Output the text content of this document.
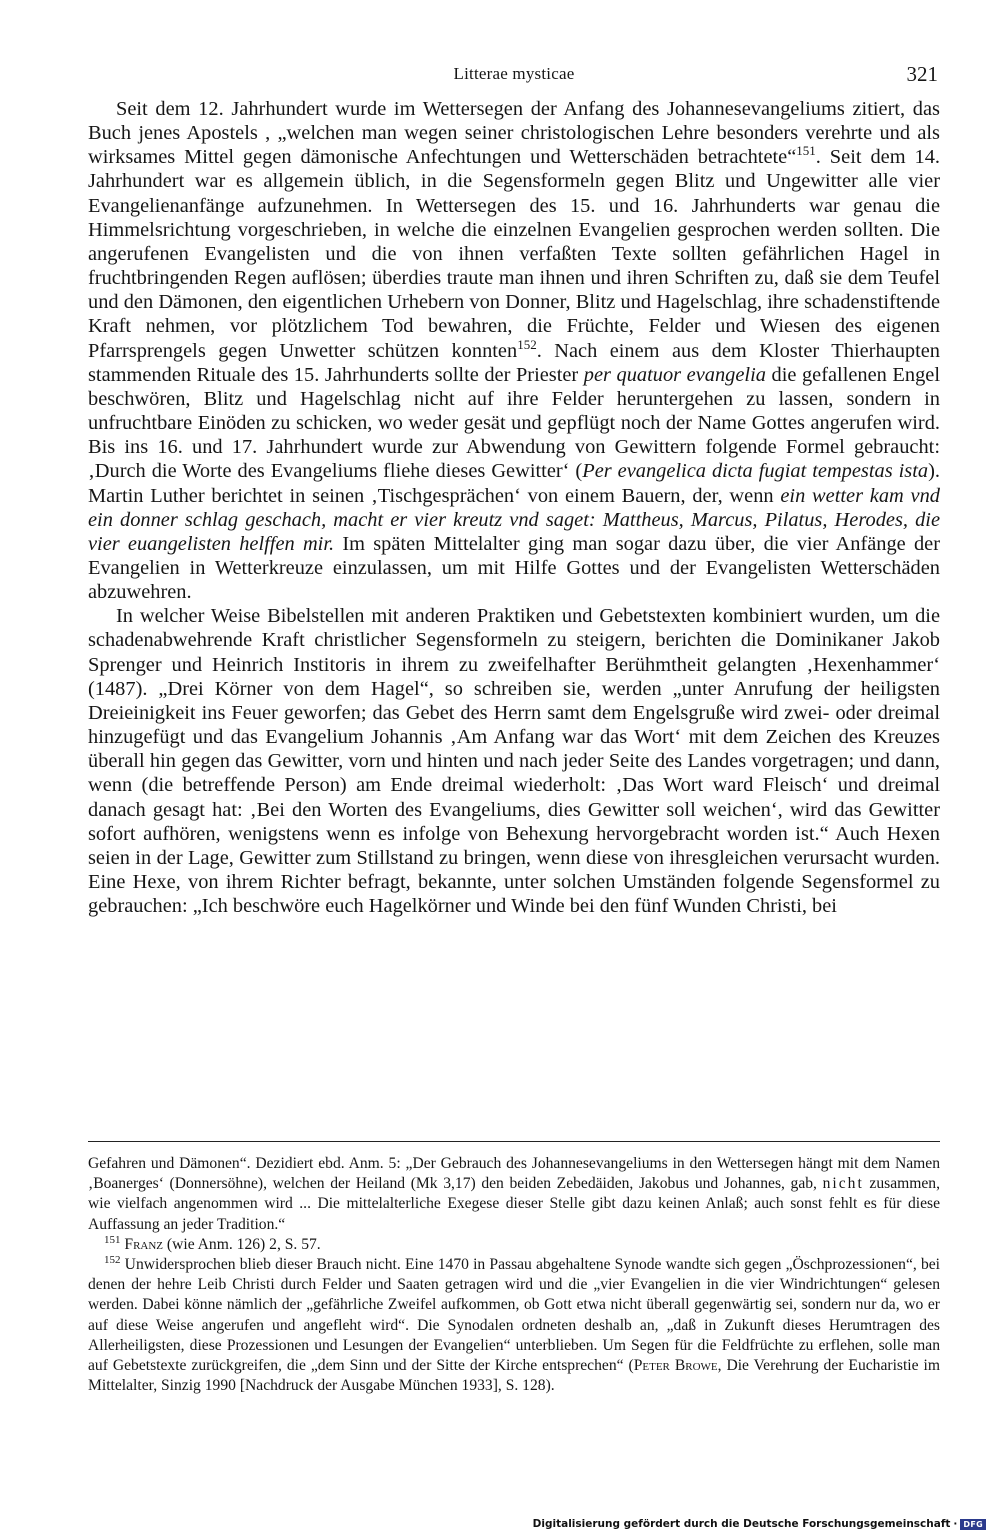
Litterae mysticae	321

Seit dem 12. Jahrhundert wurde im Wettersegen der Anfang des Johannesevangeliums zitiert, das Buch jenes Apostels , „welchen man wegen seiner christologischen Lehre besonders verehrte und als wirksames Mittel gegen dämonische Anfechtungen und Wetterschäden betrachtete“$^{151}$. Seit dem 14. Jahrhundert war es allgemein üblich, in die Segensformeln gegen Blitz und Ungewitter alle vier Evangelienanfänge aufzunehmen. In Wettersegen des 15. und 16. Jahrhunderts war genau die Himmelsrichtung vorgeschrieben, in welche die einzelnen Evangelien gesprochen werden sollten. Die angerufenen Evangelisten und die von ihnen verfaßten Texte sollten gefährlichen Hagel in fruchtbringenden Regen auflösen; überdies traute man ihnen und ihren Schriften zu, daß sie dem Teufel und den Dämonen, den eigentlichen Urhebern von Donner, Blitz und Hagelschlag, ihre schadenstiftende Kraft nehmen, vor plötzlichem Tod bewahren, die Früchte, Felder und Wiesen des eigenen Pfarrsprengels gegen Unwetter schützen konnten$^{152}$. Nach einem aus dem Kloster Thierhaupten stammenden Rituale des 15. Jahrhunderts sollte der Priester per quatuor evangelia die gefallenen Engel beschwören, Blitz und Hagelschlag nicht auf ihre Felder heruntergehen zu lassen, sondern in unfruchtbare Einöden zu schicken, wo weder gesät und gepflügt noch der Name Gottes angerufen wird. Bis ins 16. und 17. Jahrhundert wurde zur Abwendung von Gewittern folgende Formel gebraucht: ‚Durch die Worte des Evangeliums fliehe dieses Gewitter‘ (Per evangelica dicta fugiat tempestas ista). Martin Luther berichtet in seinen ‚Tischgesprächen‘ von einem Bauern, der, wenn ein wetter kam vnd ein donner schlag geschach, macht er vier kreutz vnd saget: Mattheus, Marcus, Pilatus, Herodes, die vier euangelisten helffen mir. Im späten Mittelalter ging man sogar dazu über, die vier Anfänge der Evangelien in Wetterkreuze einzulassen, um mit Hilfe Gottes und der Evangelisten Wetterschäden abzuwehren.

In welcher Weise Bibelstellen mit anderen Praktiken und Gebetstexten kombiniert wurden, um die schadenabwehrende Kraft christlicher Segensformeln zu steigern, berichten die Dominikaner Jakob Sprenger und Heinrich Institoris in ihrem zu zweifelhafter Berühmtheit gelangten ‚Hexenhammer‘ (1487). „Drei Körner von dem Hagel“, so schreiben sie, werden „unter Anrufung der heiligsten Dreieinigkeit ins Feuer geworfen; das Gebet des Herrn samt dem Engelsgruße wird zwei- oder dreimal hinzugefügt und das Evangelium Johannis ‚Am Anfang war das Wort‘ mit dem Zeichen des Kreuzes überall hin gegen das Gewitter, vorn und hinten und nach jeder Seite des Landes vorgetragen; und dann, wenn (die betreffende Person) am Ende dreimal wiederholt: ‚Das Wort ward Fleisch‘ und dreimal danach gesagt hat: ‚Bei den Worten des Evangeliums, dies Gewitter soll weichen‘, wird das Gewitter sofort aufhören, wenigstens wenn es infolge von Behexung hervorgebracht worden ist.“ Auch Hexen seien in der Lage, Gewitter zum Stillstand zu bringen, wenn diese von ihresgleichen verursacht wurden. Eine Hexe, von ihrem Richter befragt, bekannte, unter solchen Umständen folgende Segensformel zu gebrauchen: „Ich beschwöre euch Hagelkörner und Winde bei den fünf Wunden Christi, bei

Gefahren und Dämonen“. Dezidiert ebd. Anm. 5: „Der Gebrauch des Johannesevangeliums in den Wettersegen hängt mit dem Namen ‚Boanerges‘ (Donnersöhne), welchen der Heiland (Mk 3,17) den beiden Zebedäiden, Jakobus und Johannes, gab, nicht zusammen, wie vielfach angenommen wird ... Die mittelalterliche Exegese dieser Stelle gibt dazu keinen Anlaß; auch sonst fehlt es für diese Auffassung an jeder Tradition.“

$^{151}$ Franz (wie Anm. 126) 2, S. 57.

$^{152}$ Unwidersprochen blieb dieser Brauch nicht. Eine 1470 in Passau abgehaltene Synode wandte sich gegen „Öschprozessionen“, bei denen der hehre Leib Christi durch Felder und Saaten getragen wird und die „vier Evangelien in die vier Windrichtungen“ gelesen werden. Dabei könne nämlich der „gefährliche Zweifel aufkommen, ob Gott etwa nicht überall gegenwärtig sei, sondern nur da, wo er auf diese Weise angerufen und angefleht wird“. Die Synodalen ordneten deshalb an, „daß in Zukunft dieses Herumtragen des Allerheiligsten, diese Prozessionen und Lesungen der Evangelien“ unterblieben. Um Segen für die Feldfrüchte zu erflehen, solle man auf Gebetstexte zurückgreifen, die „dem Sinn und der Sitte der Kirche entsprechen“ (Peter Browe, Die Verehrung der Eucharistie im Mittelalter, Sinzig 1990 [Nachdruck der Ausgabe München 1933], S. 128).

Digitalisierung gefördert durch die Deutsche Forschungsgemeinschaft · DFG
